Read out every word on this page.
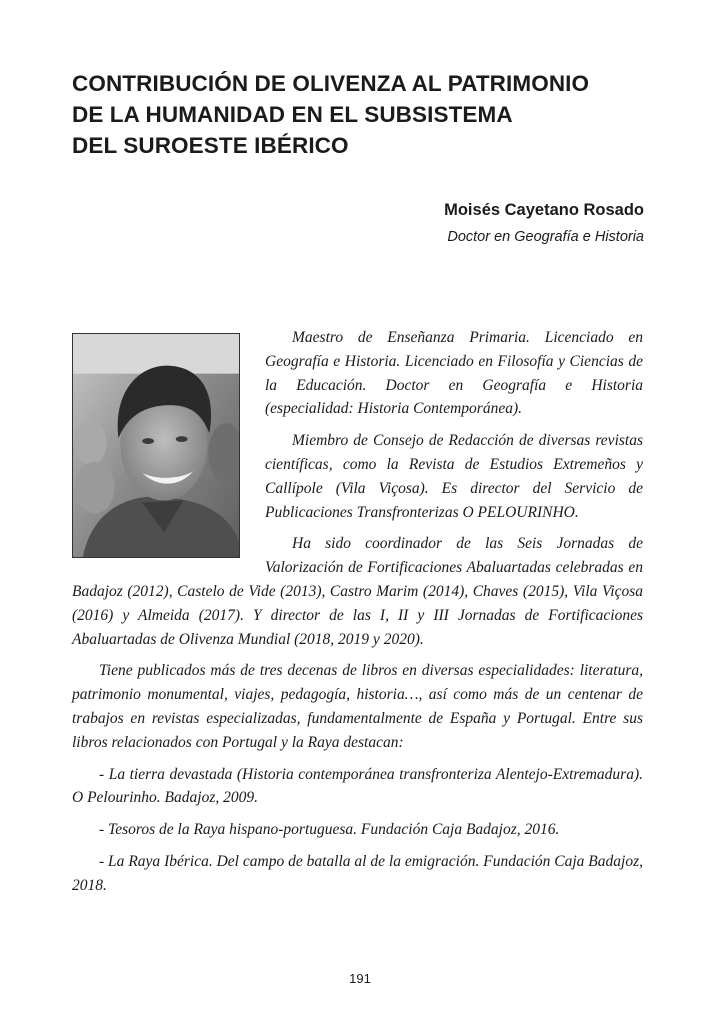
CONTRIBUCIÓN DE OLIVENZA AL PATRIMONIO
DE LA HUMANIDAD EN EL SUBSISTEMA
DEL SUROESTE IBÉRICO

Moisés Cayetano Rosado

Doctor en Geografía e Historia

Maestro de Enseñanza Primaria. Licenciado en Geografía e Historia. Licenciado en Filosofía y Ciencias de la Educación. Doctor en Geografía e Historia (especialidad: Historia Contemporánea).

Miembro de Consejo de Redacción de diversas revistas científicas, como la Revista de Estudios Extremeños y Callípole (Vila Viçosa). Es director del Servicio de Publicaciones Transfronterizas O PELOURINHO.

Ha sido coordinador de las Seis Jornadas de Valorización de Fortificaciones Abaluartadas celebradas en Badajoz (2012), Castelo de Vide (2013), Castro Marim (2014), Chaves (2015), Vila Viçosa (2016) y Almeida (2017). Y director de las I, II y III Jornadas de Fortificaciones Abaluartadas de Olivenza Mundial (2018, 2019 y 2020).

Tiene publicados más de tres decenas de libros en diversas especialidades: literatura, patrimonio monumental, viajes, pedagogía, historia…, así como más de un centenar de trabajos en revistas especializadas, fundamentalmente de España y Portugal. Entre sus libros relacionados con Portugal y la Raya destacan:

- La tierra devastada (Historia contemporánea transfronteriza Alentejo-Extremadura). O Pelourinho. Badajoz, 2009.

- Tesoros de la Raya hispano-portuguesa. Fundación Caja Badajoz, 2016.

- La Raya Ibérica. Del campo de batalla al de la emigración. Fundación Caja Badajoz, 2018.

191
